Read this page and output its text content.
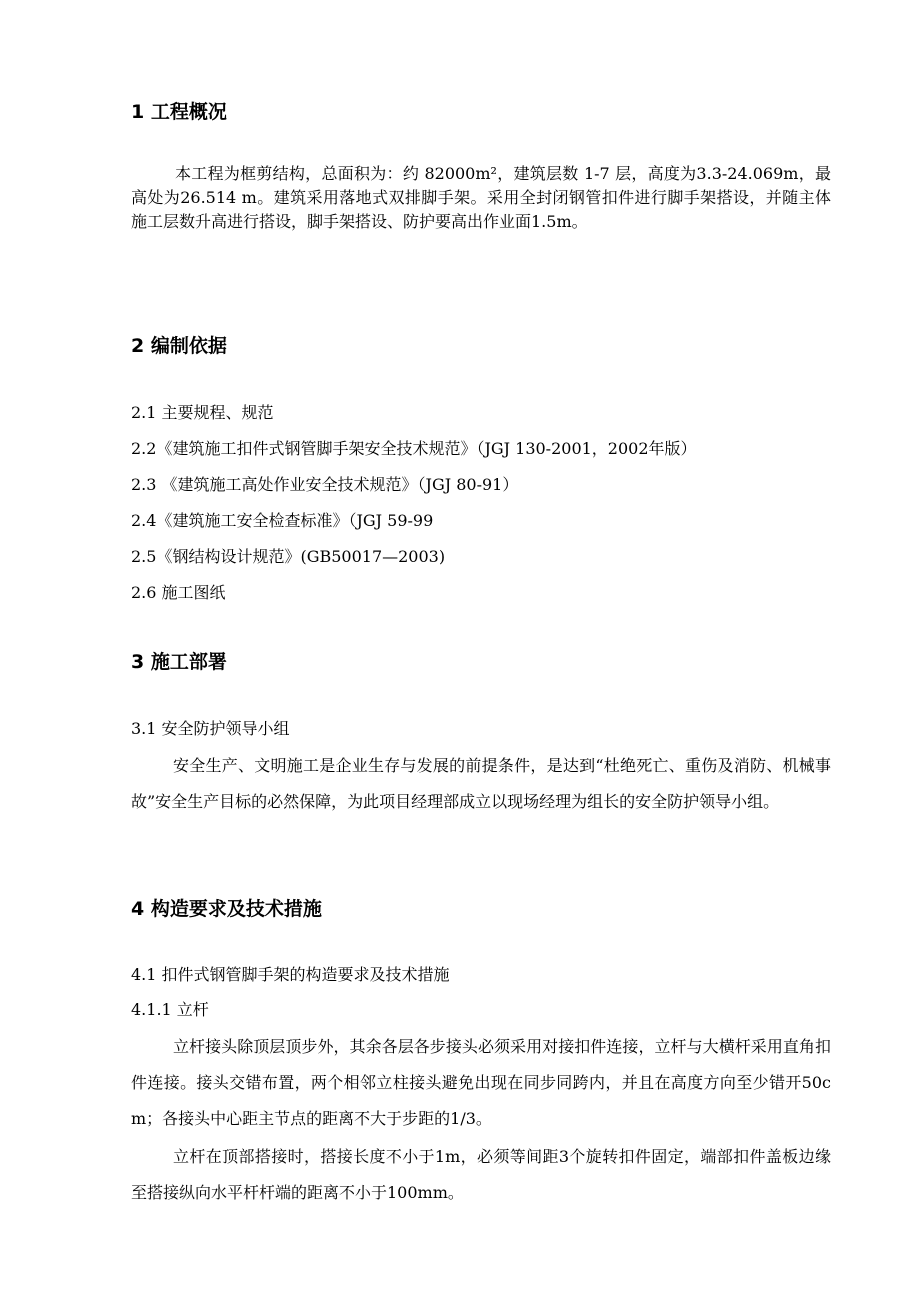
1 工程概况
本工程为框剪结构，总面积为：约 82000m²，建筑层数 1-7 层，高度为3.3-24.069m，最高处为26.514 m。建筑采用落地式双排脚手架。采用全封闭钢管扣件进行脚手架搭设，并随主体施工层数升高进行搭设，脚手架搭设、防护要高出作业面1.5m。
2 编制依据
2.1 主要规程、规范
2.2《建筑施工扣件式钢管脚手架安全技术规范》（JGJ 130-2001，2002年版）
2.3 《建筑施工高处作业安全技术规范》（JGJ 80-91）
2.4《建筑施工安全检查标准》（JGJ 59-99
2.5《钢结构设计规范》(GB50017—2003)
2.6 施工图纸
3 施工部署
3.1 安全防护领导小组
安全生产、文明施工是企业生存与发展的前提条件，是达到“杜绝死亡、重伤及消防、机械事故”安全生产目标的必然保障，为此项目经理部成立以现场经理为组长的安全防护领导小组。
4 构造要求及技术措施
4.1 扣件式钢管脚手架的构造要求及技术措施
4.1.1 立杆
立杆接头除顶层顶步外，其余各层各步接头必须采用对接扣件连接，立杆与大横杆采用直角扣件连接。接头交错布置，两个相邻立柱接头避免出现在同步同跨内，并且在高度方向至少错开50cm；各接头中心距主节点的距离不大于步距的1/3。
立杆在顶部搭接时，搭接长度不小于1m，必须等间距3个旋转扣件固定，端部扣件盖板边缘至搭接纵向水平杆杆端的距离不小于100mm。
